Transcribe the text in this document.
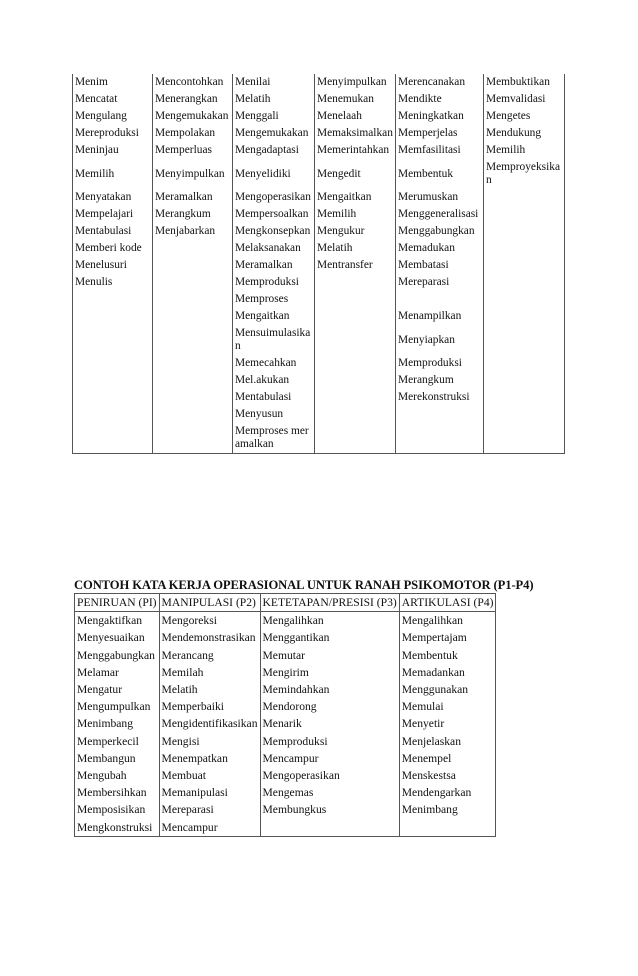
Menim	Mencontohkan	Menilai	Menyimpulkan	Merencanakan	Membuktikan
Mencatat	Menerangkan	Melatih	Menemukan	Mendikte	Memvalidasi
Mengulang	Mengemukakan	Menggali	Menelaah	Meningkatkan	Mengetes
Mereproduksi	Mempolakan	Mengemukakan	Memaksimalkan	Memperjelas	Mendukung
Meninjau	Memperluas	Mengadaptasi	Memerintahkan	Memfasilitasi	Memilih
Memilih	Menyimpulkan	Menyelidiki	Mengedit	Membentuk	Memproyeksikan
Menyatakan	Meramalkan	Mengoperasikan	Mengaitkan	Merumuskan	
Mempelajari	Merangkum	Mempersoalkan	Memilih	Menggeneralisasi	
Mentabulasi	Menjabarkan	Mengkonsepkan	Mengukur	Menggabungkan	
Memberi kode		Melaksanakan	Melatih	Memadukan	
Menelusuri		Meramalkan	Mentransfer	Membatasi	
Menulis		Memproduksi		Mereparasi	
		Memproses			
		Mengaitkan		Menampilkan	
		Mensuimulasikan		Menyiapkan	
		Memecahkan		Memproduksi	
		Mel.akukan		Merangkum	
		Mentabulasi		Merekonstruksi	
		Menyusun			
		Memproses meramalkan			
CONTOH KATA KERJA OPERASIONAL UNTUK RANAH PSIKOMOTOR (P1-P4)
PENIRUAN (PI)	MANIPULASI (P2)	KETETAPAN/PRESISI (P3)	ARTIKULASI (P4)
Mengaktifkan	Mengoreksi	Mengalihkan	Mengalihkan
Menyesuaikan	Mendemonstrasikan	Menggantikan	Mempertajam
Menggabungkan	Merancang	Memutar	Membentuk
Melamar	Memilah	Mengirim	Memadankan
Mengatur	Melatih	Memindahkan	Menggunakan
Mengumpulkan	Memperbaiki	Mendorong	Memulai
Menimbang	Mengidentifikasikan	Menarik	Menyetir
Memperkecil	Mengisi	Memproduksi	Menjelaskan
Membangun	Menempatkan	Mencampur	Menempel
Mengubah	Membuat	Mengoperasikan	Menskestsa
Membersihkan	Memanipulasi	Mengemas	Mendengarkan
Memposisikan	Mereparasi	Membungkus	Menimbang
Mengkonstruksi	Mencampur		
